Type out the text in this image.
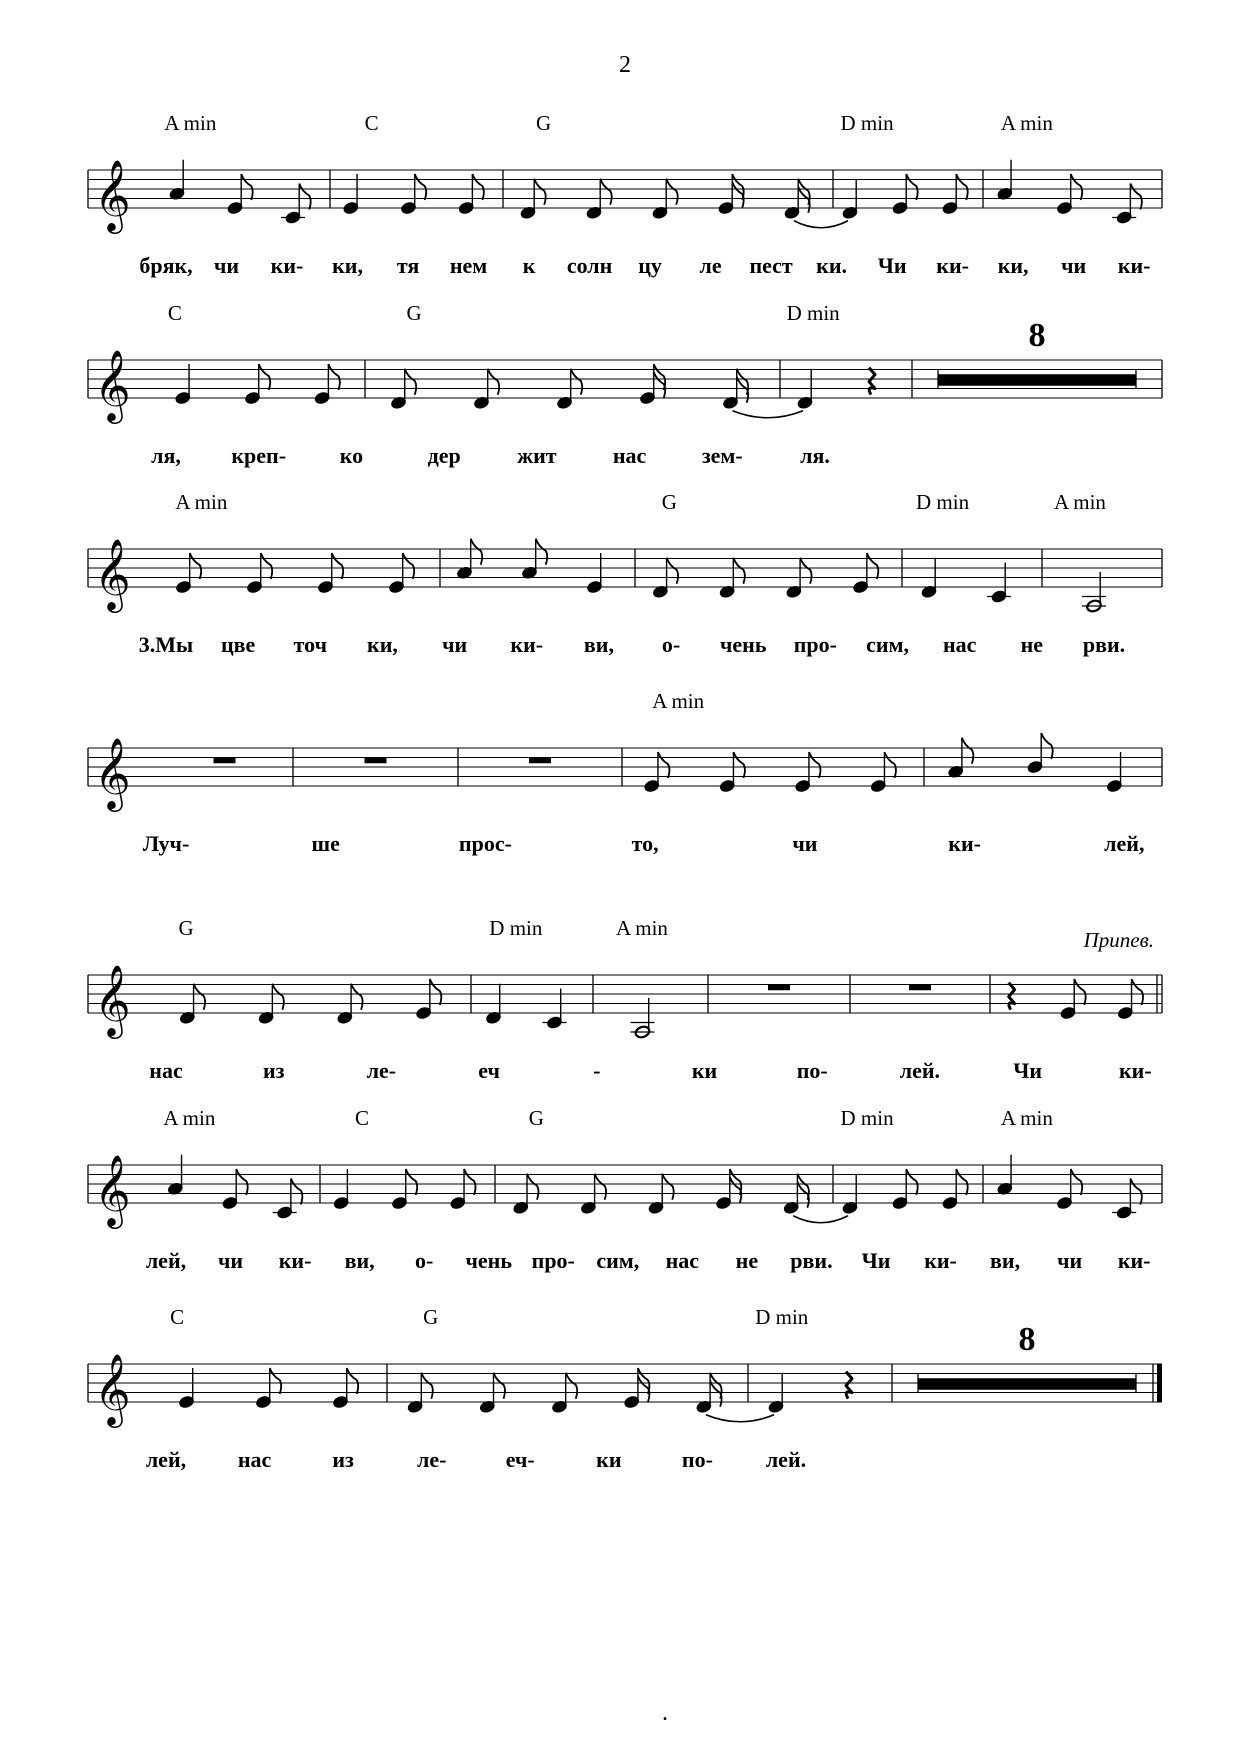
2
.
A min	C	G	D min	A min
бряк, чи ки- ки, тя нем к солн цу ле пест ки. Чи ки- ки, чи ки-
𝄞
8
C	G	D min
ля, креп- ко	дер	жит	нас	зем-	ля.
𝄞
A min	G	D min	A min
3.Мы цве точ ки, чи ки- ви, о- чень про- сим, нас не рви.
𝄞
A min
Луч-	ше	прос-	то,	чи	ки-	лей,
𝄞
G	D min	A min	Припев.
нас	из	ле-	еч	-	ки	по-	лей.	Чи	ки-
𝄞
A min	C	G	D min	A min
лей, чи ки- ви, о- чень про- сим, нас не рви. Чи ки- ви, чи ки-
𝄞
8
C	G	D min
лей, нас	из	ле-	еч-	ки	по- лей.
𝄞
